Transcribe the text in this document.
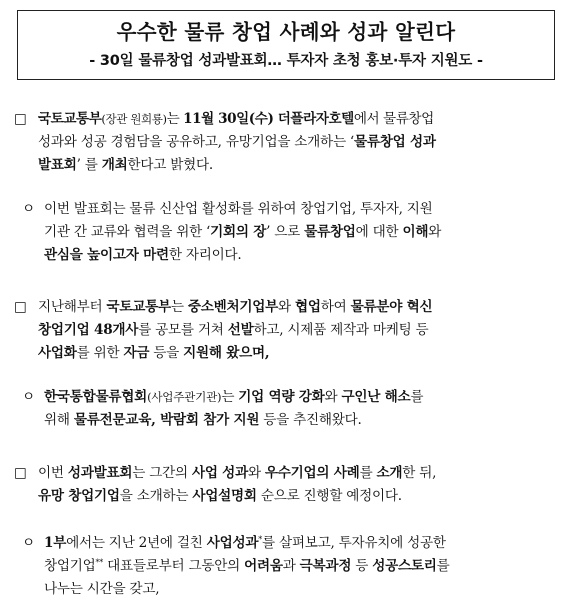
우수한 물류 창업 사례와 성과 알린다
- 30일 물류창업 성과발표회… 투자자 초청 홍보·투자 지원도 -
□ 국토교통부(장관 원희룡)는 11월 30일(수) 더플라자호텔에서 물류창업
성과와 성공 경험담을 공유하고, 유망기업을 소개하는 ‘물류창업 성과
발표회’ 를 개최한다고 밝혔다.
ㅇ 이번 발표회는 물류 신산업 활성화를 위하여 창업기업, 투자자, 지원
기관 간 교류와 협력을 위한 ‘기회의 장’ 으로 물류창업에 대한 이해와
관심을 높이고자 마련한 자리이다.
□ 지난해부터 국토교통부는 중소벤처기업부와 협업하여 물류분야 혁신
창업기업 48개사를 공모를 거쳐 선발하고, 시제품 제작과 마케팅 등
사업화를 위한 자금 등을 지원해 왔으며,
ㅇ 한국통합물류협회(사업주관기관)는 기업 역량 강화와 구인난 해소를
위해 물류전문교육, 박람회 참가 지원 등을 추진해왔다.
□ 이번 성과발표회는 그간의 사업 성과와 우수기업의 사례를 소개한 뒤,
유망 창업기업을 소개하는 사업설명회 순으로 진행할 예정이다.
ㅇ 1부에서는 지난 2년에 걸친 사업성과*를 살펴보고, 투자유치에 성공한
창업기업** 대표들로부터 그동안의 어려움과 극복과정 등 성공스토리를
나누는 시간을 갖고,
